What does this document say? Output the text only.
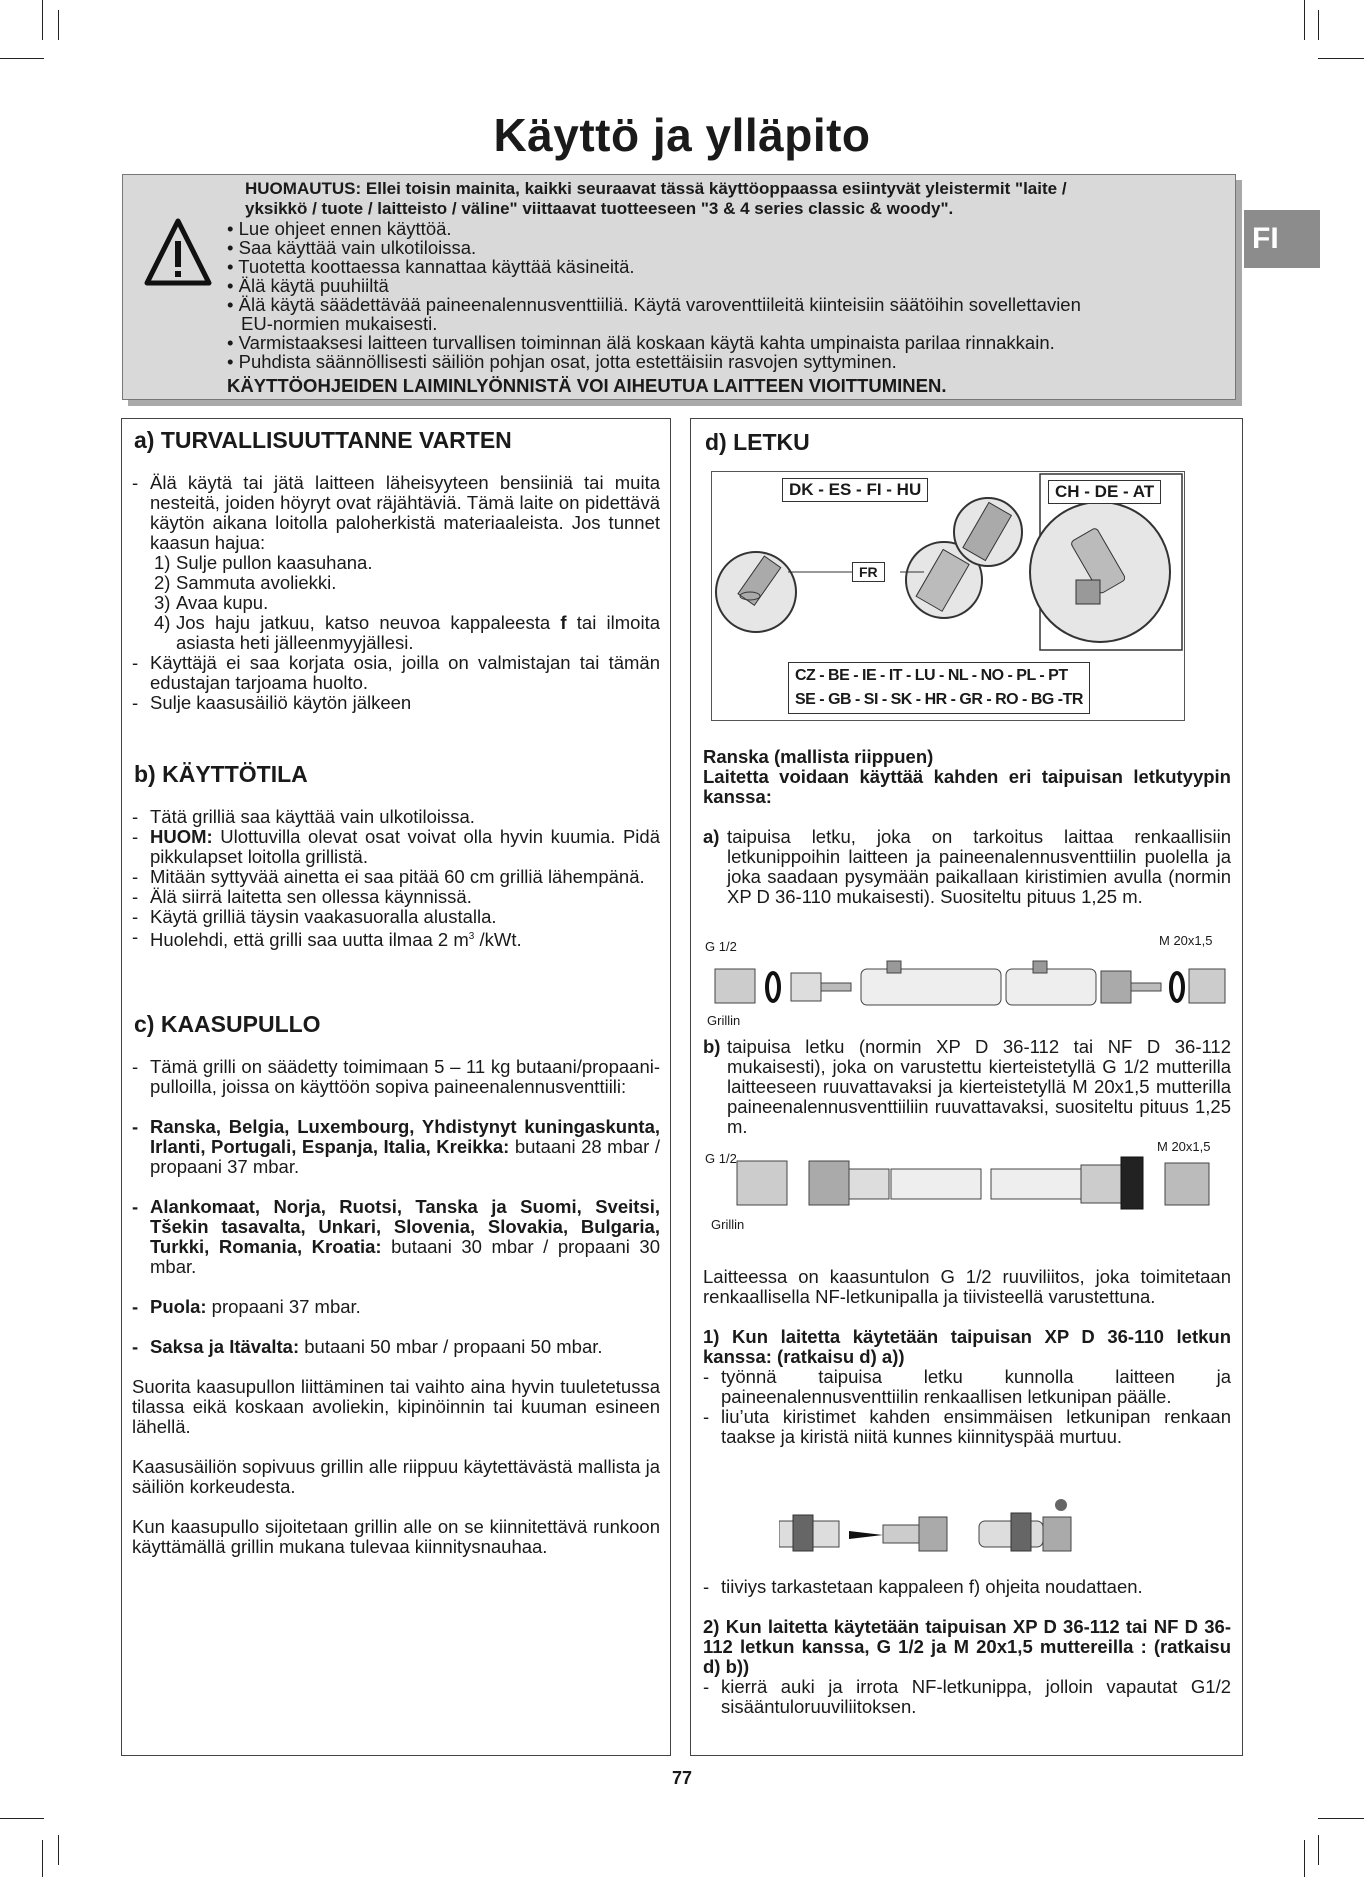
Käyttö ja ylläpito
FI
HUOMAUTUS: Ellei toisin mainita, kaikki seuraavat tässä käyttöoppaassa esiintyvät yleistermit "laite /
yksikkö / tuote / laitteisto / väline" viittaavat tuotteeseen "3 & 4 series classic & woody".
• Lue ohjeet ennen käyttöä.
• Saa käyttää vain ulkotiloissa.
• Tuotetta koottaessa kannattaa käyttää käsineitä.
• Älä käytä puuhiiltä
• Älä käytä säädettävää paineenalennusventtiiliä. Käytä varoventtiileitä kiinteisiin säätöihin sovellettavien
EU-normien mukaisesti.
• Varmistaaksesi laitteen turvallisen toiminnan älä koskaan käytä kahta umpinaista parilaa rinnakkain.
• Puhdista säännöllisesti säiliön pohjan osat, jotta estettäisiin rasvojen syttyminen.
KÄYTTÖOHJEIDEN LAIMINLYÖNNISTÄ VOI AIHEUTUA LAITTEEN VIOITTUMINEN.
a) TURVALLISUUTTANNE VARTEN
- Älä käytä tai jätä laitteen läheisyyteen bensiiniä tai muita nesteitä, joiden höyryt ovat räjähtäviä. Tämä laite on pidettävä käytön aikana loitolla paloherkistä materiaaleista. Jos tunnet kaasun hajua:
1) Sulje pullon kaasuhana.
2) Sammuta avoliekki.
3) Avaa kupu.
4) Jos haju jatkuu, katso neuvoa kappaleesta f tai ilmoita asiasta heti jälleenmyyjällesi.
- Käyttäjä ei saa korjata osia, joilla on valmistajan tai tämän edustajan tarjoama huolto.
- Sulje kaasusäiliö käytön jälkeen
b) KÄYTTÖTILA
- Tätä grilliä saa käyttää vain ulkotiloissa.
- HUOM: Ulottuvilla olevat osat voivat olla hyvin kuumia. Pidä pikkulapset loitolla grillistä.
- Mitään syttyvää ainetta ei saa pitää 60 cm grilliä lähempänä.
- Älä siirrä laitetta sen ollessa käynnissä.
- Käytä grilliä täysin vaakasuoralla alustalla.
- Huolehdi, että grilli saa uutta ilmaa 2 $m^3$ /kWt.
c) KAASUPULLO
- Tämä grilli on säädetty toimimaan 5 – 11 kg butaani/propaani-pulloilla, joissa on käyttöön sopiva paineenalennusventtiili:
- Ranska, Belgia, Luxembourg, Yhdistynyt kuningaskunta, Irlanti, Portugali, Espanja, Italia, Kreikka: butaani 28 mbar / propaani 37 mbar.
- Alankomaat, Norja, Ruotsi, Tanska ja Suomi, Sveitsi, Tšekin tasavalta, Unkari, Slovenia, Slovakia, Bulgaria, Turkki, Romania, Kroatia: butaani 30 mbar / propaani 30 mbar.
- Puola: propaani 37 mbar.
- Saksa ja Itävalta: butaani 50 mbar / propaani 50 mbar.

Suorita kaasupullon liittäminen tai vaihto aina hyvin tuuletetussa tilassa eikä koskaan avoliekin, kipinöinnin tai kuuman esineen lähellä.

Kaasusäiliön sopivuus grillin alle riippuu käytettävästä mallista ja säiliön korkeudesta.

Kun kaasupullo sijoitetaan grillin alle on se kiinnitettävä runkoon käyttämällä grillin mukana tulevaa kiinnitysnauhaa.

d) LETKU
DK - ES - FI - HU	CH - DE - AT
FR
CZ - BE - IE - IT - LU - NL - NO - PL - PT
SE - GB - SI - SK - HR - GR - RO - BG -TR

Ranska (mallista riippuen)

Laitetta voidaan käyttää kahden eri taipuisan letkutyypin kanssa:

a) taipuisa letku, joka on tarkoitus laittaa renkaallisiin letkunippoihin laitteen ja paineenalennusventtiilin puolella ja joka saadaan pysymään paikallaan kiristimien avulla (normin XP D 36-110 mukaisesti). Suositeltu pituus 1,25 m.
G 1/2	M 20x1,5
Grillin
b) taipuisa letku (normin XP D 36-112 tai NF D 36-112 mukaisesti), joka on varustettu kierteistetyllä G 1/2 mutterilla laitteeseen ruuvattavaksi ja kierteistetyllä M 20x1,5 mutterilla paineenalennusventtiiliin ruuvattavaksi, suositeltu pituus 1,25 m.
G 1/2
M 20x1,5
Grillin

Laitteessa on kaasuntulon G 1/2 ruuviliitos, joka toimitetaan renkaallisella NF-letkunipalla ja tiivisteellä varustettuna.

1) Kun laitetta käytetään taipuisan XP D 36-110 letkun kanssa: (ratkaisu d) a))

- työnnä taipuisa letku kunnolla laitteen ja paineenalennusventtiilin renkaallisen letkunipan päälle.
- liu’uta kiristimet kahden ensimmäisen letkunipan renkaan taakse ja kiristä niitä kunnes kiinnityspää murtuu.
- tiiviys tarkastetaan kappaleen f) ohjeita noudattaen.

2) Kun laitetta käytetään taipuisan XP D 36-112 tai NF D 36-112 letkun kanssa, G 1/2 ja M 20x1,5 muttereilla : (ratkaisu d) b))

- kierrä auki ja irrota NF-letkunippa, jolloin vapautat G1/2 sisääntuloruuviliitoksen.
77
